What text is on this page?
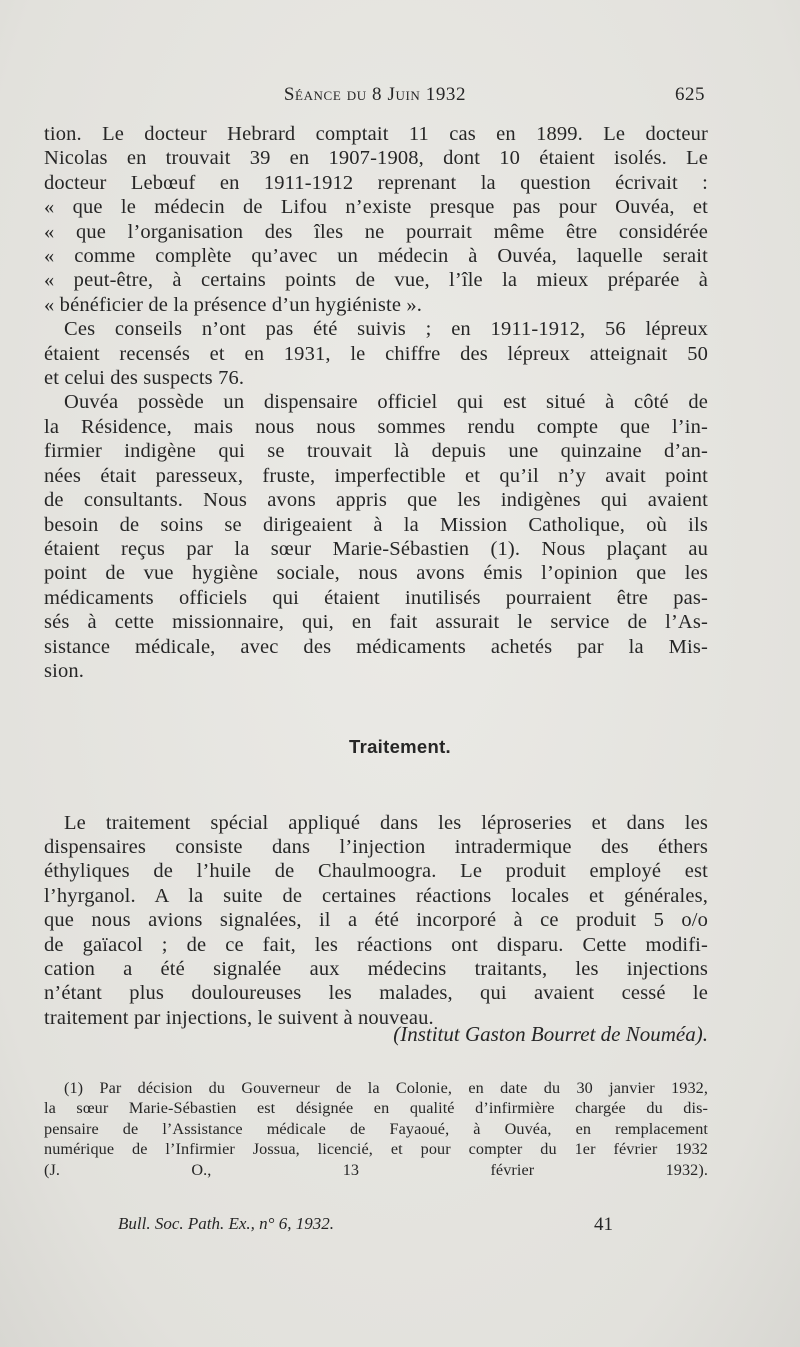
Séance du 8 Juin 1932	625

tion. Le docteur Hebrard comptait 11 cas en 1899. Le docteur
Nicolas en trouvait 39 en 1907-1908, dont 10 étaient isolés. Le
docteur Lebœuf en 1911-1912 reprenant la question écrivait :
« que le médecin de Lifou n’existe presque pas pour Ouvéa, et
« que l’organisation des îles ne pourrait même être considérée
« comme complète qu’avec un médecin à Ouvéa, laquelle serait
« peut-être, à certains points de vue, l’île la mieux préparée à
« bénéficier de la présence d’un hygiéniste ».

Ces conseils n’ont pas été suivis ; en 1911-1912, 56 lépreux
étaient recensés et en 1931, le chiffre des lépreux atteignait 50
et celui des suspects 76.

Ouvéa possède un dispensaire officiel qui est situé à côté de
la Résidence, mais nous nous sommes rendu compte que l’in-
firmier indigène qui se trouvait là depuis une quinzaine d’an-
nées était paresseux, fruste, imperfectible et qu’il n’y avait point
de consultants. Nous avons appris que les indigènes qui avaient
besoin de soins se dirigeaient à la Mission Catholique, où ils
étaient reçus par la sœur Marie-Sébastien (1). Nous plaçant au
point de vue hygiène sociale, nous avons émis l’opinion que les
médicaments officiels qui étaient inutilisés pourraient être pas-
sés à cette missionnaire, qui, en fait assurait le service de l’As-
sistance médicale, avec des médicaments achetés par la Mis-
sion.

Traitement.

Le traitement spécial appliqué dans les léproseries et dans les
dispensaires consiste dans l’injection intradermique des éthers
éthyliques de l’huile de Chaulmoogra. Le produit employé est
l’hyrganol. A la suite de certaines réactions locales et générales,
que nous avions signalées, il a été incorporé à ce produit 5 o/o
de gaïacol ; de ce fait, les réactions ont disparu. Cette modifi-
cation a été signalée aux médecins traitants, les injections
n’étant plus douloureuses les malades, qui avaient cessé le
traitement par injections, le suivent à nouveau.

(Institut Gaston Bourret de Nouméa).
(1) Par décision du Gouverneur de la Colonie, en date du 30 janvier 1932,
la sœur Marie-Sébastien est désignée en qualité d’infirmière chargée du dis-
pensaire de l’Assistance médicale de Fayaoué, à Ouvéa, en remplacement
numérique de l’Infirmier Jossua, licencié, et pour compter du 1er février 1932
(J. O., 13 février 1932).
Bull. Soc. Path. Ex., n° 6, 1932.	41
